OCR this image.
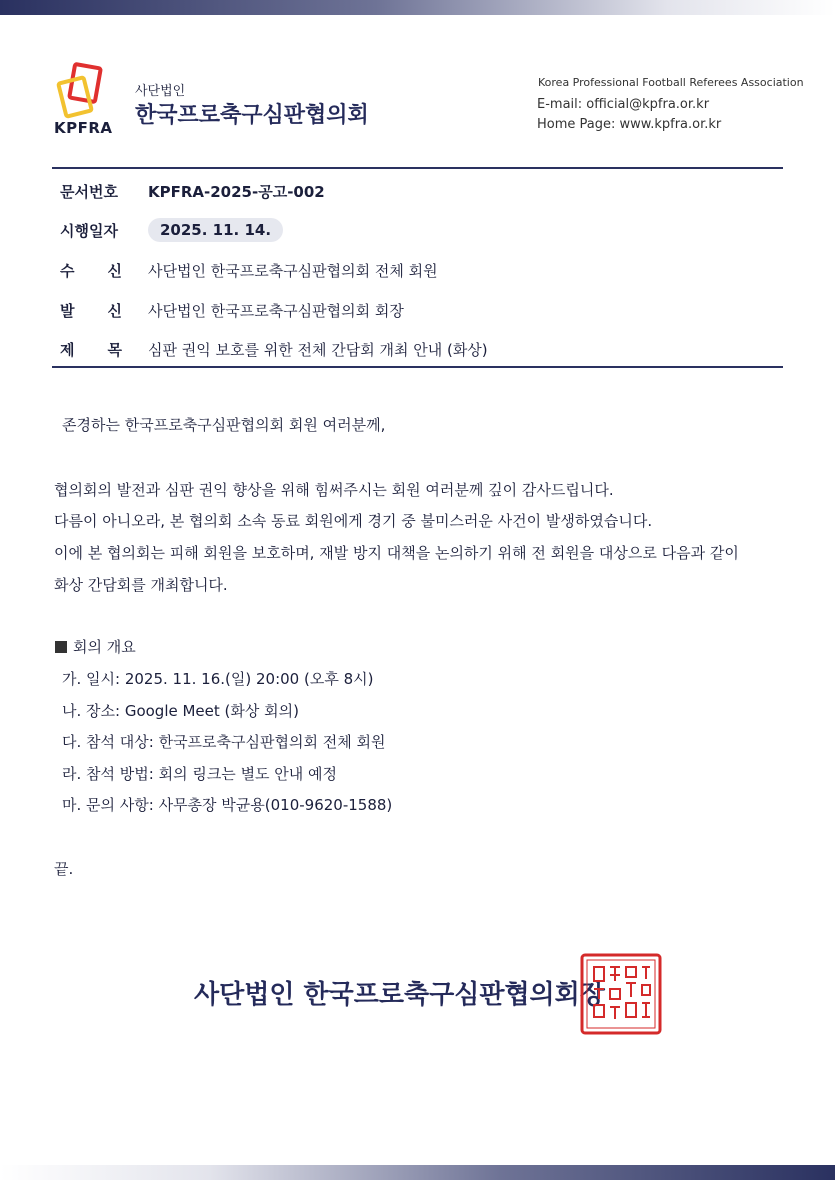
KPFRA
사단법인
한국프로축구심판협의회
Korea Professional Football Referees Association
E-mail: official@kpfra.or.kr
Home Page: www.kpfra.or.kr
문서번호	KPFRA-2025-공고-002
시행일자	2025. 11. 14.
수 신 사단법인 한국프로축구심판협의회 전체 회원
발 신 사단법인 한국프로축구심판협의회 회장
제 목 심판 권익 보호를 위한 전체 간담회 개최 안내 (화상)
존경하는 한국프로축구심판협의회 회원 여러분께,
협의회의 발전과 심판 권익 향상을 위해 힘써주시는 회원 여러분께 깊이 감사드립니다.
다름이 아니오라, 본 협의회 소속 동료 회원에게 경기 중 불미스러운 사건이 발생하였습니다.
이에 본 협의회는 피해 회원을 보호하며, 재발 방지 대책을 논의하기 위해 전 회원을 대상으로 다음과 같이
화상 간담회를 개최합니다.
회의 개요
가. 일시: 2025. 11. 16.(일) 20:00 (오후 8시)
나. 장소: Google Meet (화상 회의)
다. 참석 대상: 한국프로축구심판협의회 전체 회원
라. 참석 방법: 회의 링크는 별도 안내 예정
마. 문의 사항: 사무총장 박균용(010-9620-1588)
끝.
사단법인 한국프로축구심판협의회장
